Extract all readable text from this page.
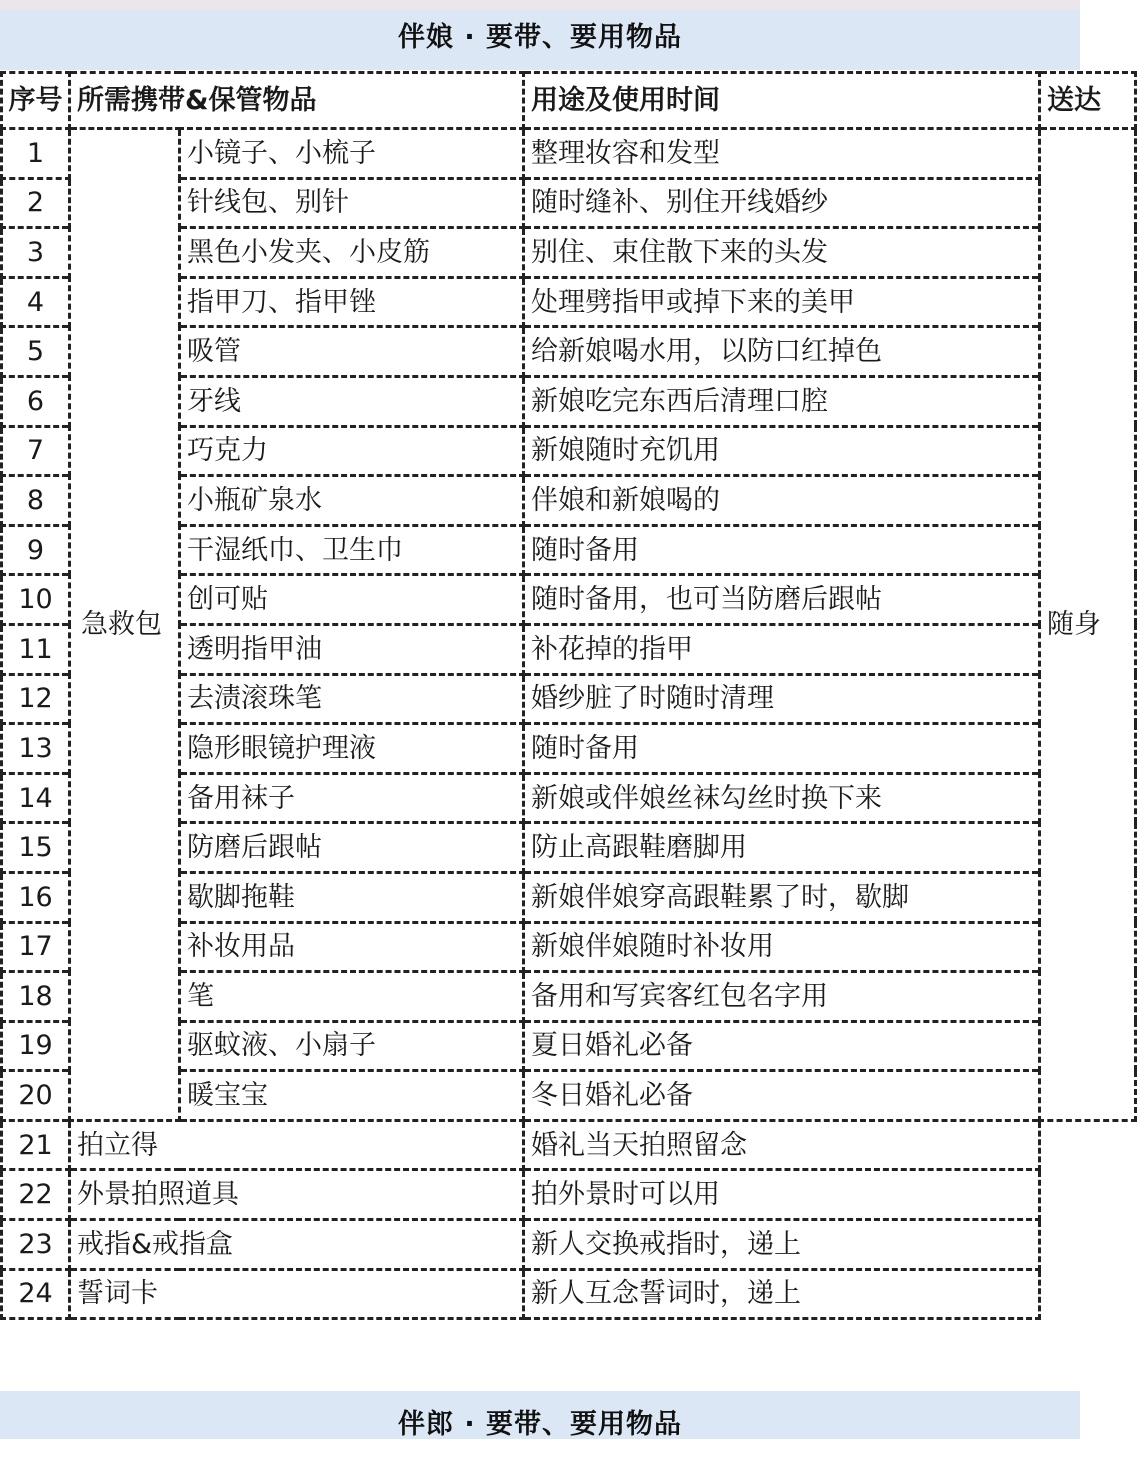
伴娘 · 要带、要用物品
序号	所需携带&保管物品		用途及使用时间	送达
1	急救包	小镜子、小梳子	整理妆容和发型	随身
2		针线包、别针	随时缝补、别住开线婚纱	
3		黑色小发夹、小皮筋	别住、束住散下来的头发	
4		指甲刀、指甲锉	处理劈指甲或掉下来的美甲	
5		吸管	给新娘喝水用，以防口红掉色	
6		牙线	新娘吃完东西后清理口腔	
7		巧克力	新娘随时充饥用	
8		小瓶矿泉水	伴娘和新娘喝的	
9		干湿纸巾、卫生巾	随时备用	
10		创可贴	随时备用，也可当防磨后跟帖	
11		透明指甲油	补花掉的指甲	
12		去渍滚珠笔	婚纱脏了时随时清理	
13		隐形眼镜护理液	随时备用	
14		备用袜子	新娘或伴娘丝袜勾丝时换下来	
15		防磨后跟帖	防止高跟鞋磨脚用	
16		歇脚拖鞋	新娘伴娘穿高跟鞋累了时，歇脚	
17		补妆用品	新娘伴娘随时补妆用	
18		笔	备用和写宾客红包名字用	
19		驱蚊液、小扇子	夏日婚礼必备	
20		暖宝宝	冬日婚礼必备	
21	拍立得		婚礼当天拍照留念	
22	外景拍照道具		拍外景时可以用	
23	戒指&戒指盒		新人交换戒指时，递上	
24	誓词卡		新人互念誓词时，递上	
伴郎 · 要带、要用物品
